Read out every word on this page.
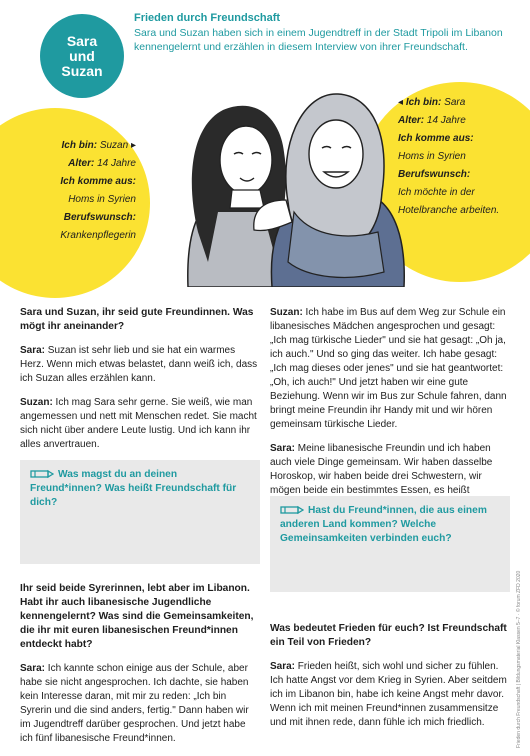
Sara
und
Suzan
Frieden durch Freundschaft
Sara und Suzan haben sich in einem Jugendtreff in der Stadt Tripoli im Libanon kennengelernt und erzählen in diesem Interview von ihrer Freundschaft.
Ich bin: Suzan ▸
Alter: 14 Jahre
Ich komme aus:
Homs in Syrien
Berufswunsch:
Krankenpflegerin
◂ Ich bin: Sara
Alter: 14 Jahre
Ich komme aus:
Homs in Syrien
Berufswunsch:
Ich möchte in der Hotelbranche arbeiten.

Sara und Suzan, ihr seid gute Freundinnen. Was mögt ihr aneinander?

Sara: Suzan ist sehr lieb und sie hat ein warmes Herz. Wenn mich etwas belastet, dann weiß ich, dass ich Suzan alles erzählen kann.

Suzan: Ich mag Sara sehr gerne. Sie weiß, wie man angemessen und nett mit Menschen redet. Sie macht sich nicht über andere Leute lustig. Und ich kann ihr alles anvertrauen.

Was magst du an deinen Freund*innen? Was heißt Freundschaft für dich?

Ihr seid beide Syrerinnen, lebt aber im Libanon. Habt ihr auch libanesische Jugendliche kennengelernt? Was sind die Gemeinsamkeiten, die ihr mit euren libanesischen Freund*innen entdeckt habt?

Sara: Ich kannte schon einige aus der Schule, aber habe sie nicht angesprochen. Ich dachte, sie haben kein Interesse daran, mit mir zu reden: „Ich bin Syrerin und die sind anders, fertig." Dann haben wir im Jugendtreff darüber gesprochen. Und jetzt habe ich fünf libanesische Freund*innen.

Suzan: Ich habe im Bus auf dem Weg zur Schule ein libanesisches Mädchen angesprochen und gesagt: „Ich mag türkische Lieder" und sie hat gesagt: „Oh ja, ich auch." Und so ging das weiter. Ich habe gesagt: „Ich mag dieses oder jenes" und sie hat geantwortet: „Oh, ich auch!" Und jetzt haben wir eine gute Beziehung. Wenn wir im Bus zur Schule fahren, dann bringt meine Freundin ihr Handy mit und wir hören gemeinsam türkische Lieder.

Sara: Meine libanesische Freundin und ich haben auch viele Dinge gemeinsam. Wir haben dasselbe Horoskop, wir haben beide drei Schwestern, wir mögen beide ein bestimmtes Essen, es heißt

Hast du Freund*innen, die aus einem anderen Land kommen? Welche Gemeinsamkeiten verbinden euch?

Was bedeutet Frieden für euch? Ist Freundschaft ein Teil von Frieden?

Sara: Frieden heißt, sich wohl und sicher zu fühlen. Ich hatte Angst vor dem Krieg in Syrien. Aber seitdem ich im Libanon bin, habe ich keine Angst mehr davor. Wenn ich mit meinen Freund*innen zusammensitze und mit ihnen rede, dann fühle ich mich friedlich.	Frieden durch Freundschaft | Bildungsmaterial Klassen 5–7 · © forum ZFD 2020
